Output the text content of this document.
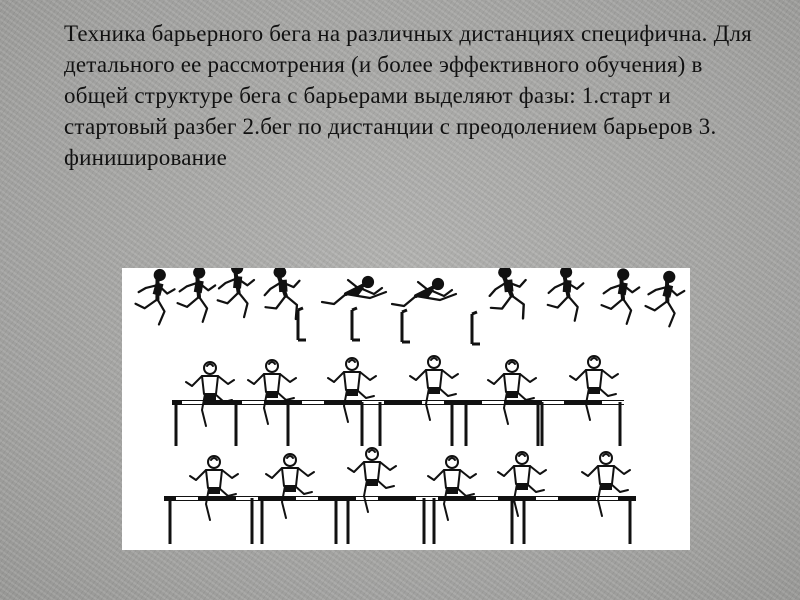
Техника барьерного бега на различных дистанциях специфична. Для детального ее рассмотрения (и более эффективного обучения) в общей структуре бега с барьерами выделяют фазы: 1.старт и стартовый разбег 2.бег по дистанции с преодолением барьеров 3. финиширование
